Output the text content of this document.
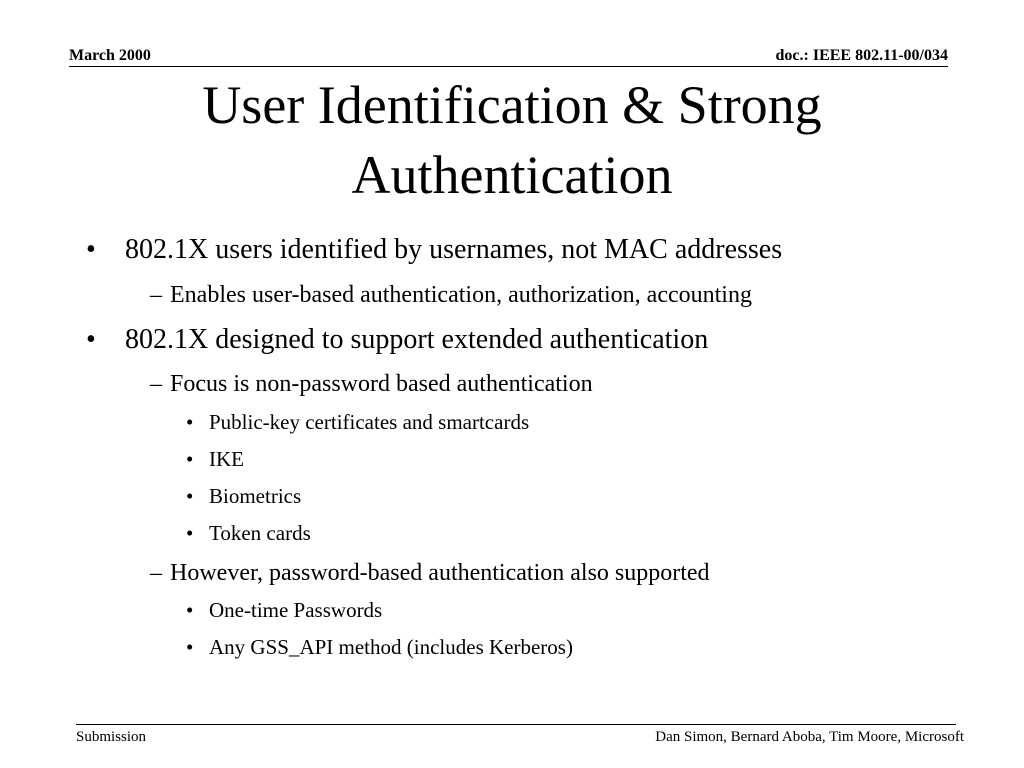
March 2000	doc.: IEEE 802.11-00/034
User Identification & Strong
Authentication
• 802.1X users identified by usernames, not MAC addresses
– Enables user-based authentication, authorization, accounting
• 802.1X designed to support extended authentication
– Focus is non-password based authentication
• Public-key certificates and smartcards
• IKE
• Biometrics
• Token cards
– However, password-based authentication also supported
• One-time Passwords
• Any GSS_API method (includes Kerberos)
Submission	Dan Simon, Bernard Aboba, Tim Moore, Microsoft
